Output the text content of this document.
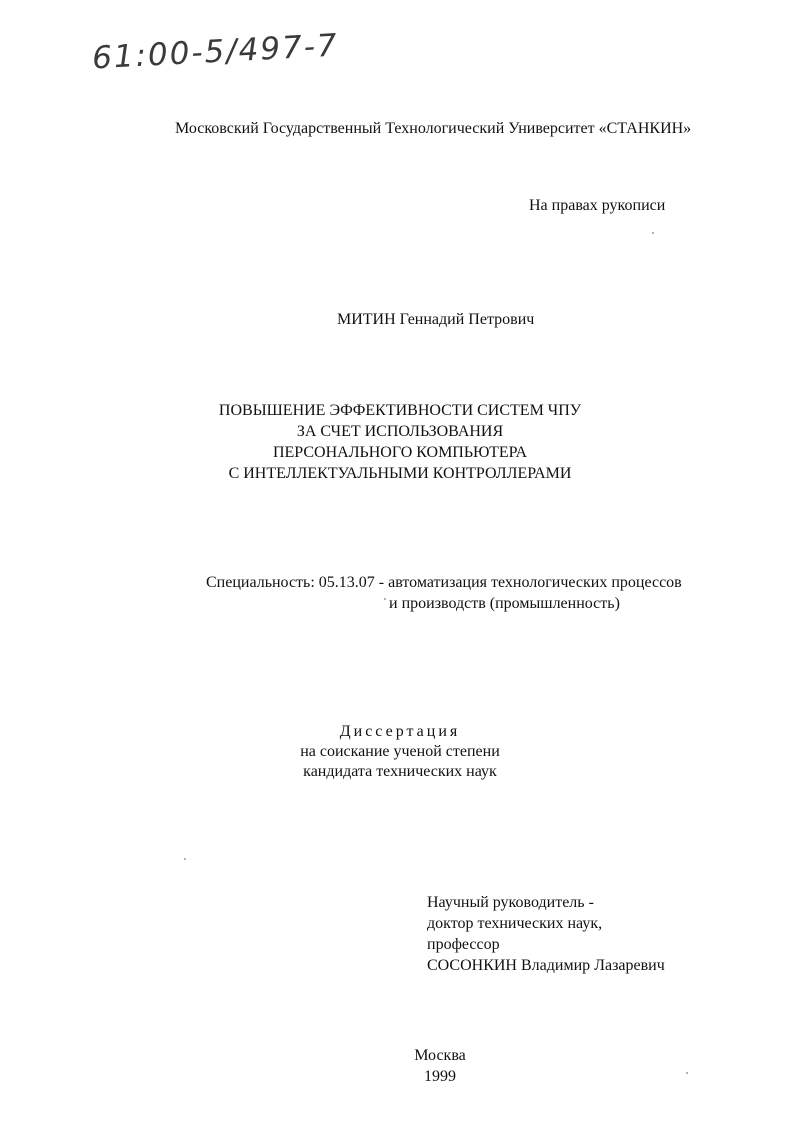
61:00-5/497-7
Московский Государственный Технологический Университет «СТАНКИН»
На правах рукописи
МИТИН Геннадий Петрович
ПОВЫШЕНИЕ ЭФФЕКТИВНОСТИ СИСТЕМ ЧПУ
ЗА СЧЕТ ИСПОЛЬЗОВАНИЯ
ПЕРСОНАЛЬНОГО КОМПЬЮТЕРА
С ИНТЕЛЛЕКТУАЛЬНЫМИ КОНТРОЛЛЕРАМИ
Специальность: 05.13.07 - автоматизация технологических процессов
и производств (промышленность)
Диссертация
на соискание ученой степени
кандидата технических наук
Научный руководитель -
доктор технических наук,
профессор
СОСОНКИН Владимир Лазаревич
Москва
1999
